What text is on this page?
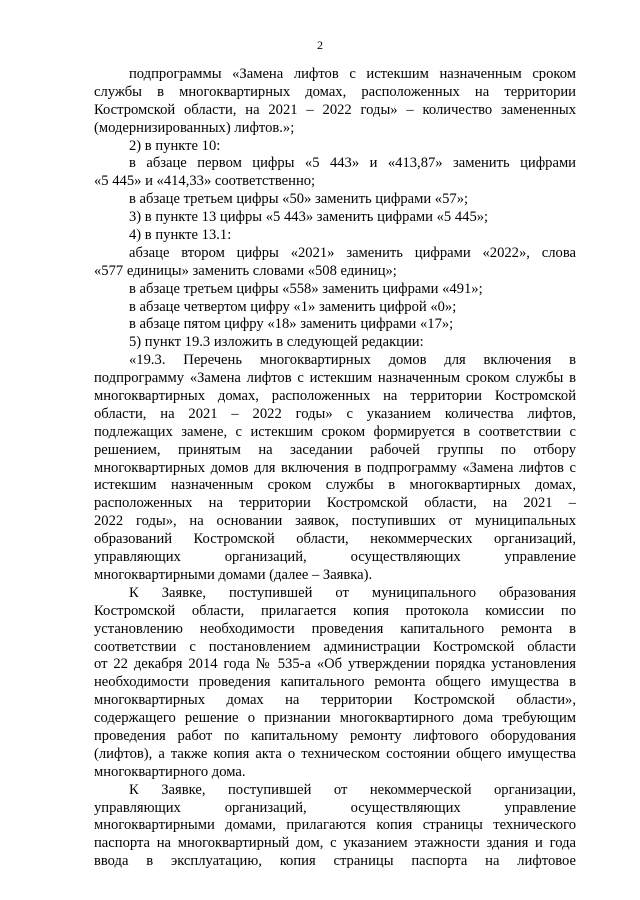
2
подпрограммы «Замена лифтов с истекшим назначенным сроком
службы в многоквартирных домах, расположенных на территории
Костромской области, на 2021 – 2022 годы» – количество замененных
(модернизированных) лифтов.»;
2) в пункте 10:
в абзаце первом цифры «5 443» и «413,87» заменить цифрами
«5 445» и «414,33» соответственно;
в абзаце третьем цифры «50» заменить цифрами «57»;
3) в пункте 13 цифры «5 443» заменить цифрами «5 445»;
4) в пункте 13.1:
абзаце втором цифры «2021» заменить цифрами «2022», слова
«577 единицы» заменить словами «508 единиц»;
в абзаце третьем цифры «558» заменить цифрами «491»;
в абзаце четвертом цифру «1» заменить цифрой «0»;
в абзаце пятом цифру «18» заменить цифрами «17»;
5) пункт 19.3 изложить в следующей редакции:
«19.3. Перечень многоквартирных домов для включения в
подпрограмму «Замена лифтов с истекшим назначенным сроком службы в
многоквартирных домах, расположенных на территории Костромской
области, на 2021 – 2022 годы» с указанием количества лифтов,
подлежащих замене, с истекшим сроком формируется в соответствии с
решением, принятым на заседании рабочей группы по отбору
многоквартирных домов для включения в подпрограмму «Замена лифтов с
истекшим назначенным сроком службы в многоквартирных домах,
расположенных на территории Костромской области, на 2021 –
2022 годы», на основании заявок, поступивших от муниципальных
образований Костромской области, некоммерческих организаций,
управляющих организаций, осуществляющих управление
многоквартирными домами (далее – Заявка).
К Заявке, поступившей от муниципального образования
Костромской области, прилагается копия протокола комиссии по
установлению необходимости проведения капитального ремонта в
соответствии с постановлением администрации Костромской области
от 22 декабря 2014 года № 535-а «Об утверждении порядка установления
необходимости проведения капитального ремонта общего имущества в
многоквартирных домах на территории Костромской области»,
содержащего решение о признании многоквартирного дома требующим
проведения работ по капитальному ремонту лифтового оборудования
(лифтов), а также копия акта о техническом состоянии общего имущества
многоквартирного дома.
К Заявке, поступившей от некоммерческой организации,
управляющих организаций, осуществляющих управление
многоквартирными домами, прилагаются копия страницы технического
паспорта на многоквартирный дом, с указанием этажности здания и года
ввода в эксплуатацию, копия страницы паспорта на лифтовое
